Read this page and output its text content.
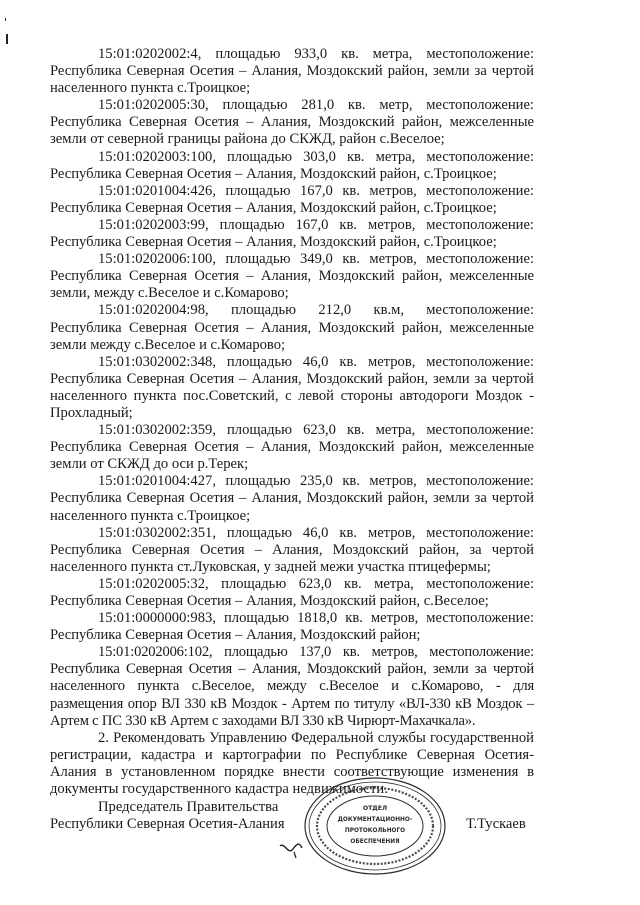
15:01:0202002:4, площадью 933,0 кв. метра, местоположение: Республика Северная Осетия – Алания, Моздокский район, земли за чертой населенного пункта с.Троицкое;

15:01:0202005:30, площадью 281,0 кв. метр, местоположение: Республика Северная Осетия – Алания, Моздокский район, межселенные земли от северной границы района до СКЖД, район с.Веселое;

15:01:0202003:100, площадью 303,0 кв. метра, местоположение: Республика Северная Осетия – Алания, Моздокский район, с.Троицкое;

15:01:0201004:426, площадью 167,0 кв. метров, местоположение: Республика Северная Осетия – Алания, Моздокский район, с.Троицкое;

15:01:0202003:99, площадью 167,0 кв. метров, местоположение: Республика Северная Осетия – Алания, Моздокский район, с.Троицкое;

15:01:0202006:100, площадью 349,0 кв. метров, местоположение: Республика Северная Осетия – Алания, Моздокский район, межселенные земли, между с.Веселое и с.Комарово;

15:01:0202004:98, площадью 212,0 кв.м, местоположение: Республика Северная Осетия – Алания, Моздокский район, межселенные земли между с.Веселое и с.Комарово;

15:01:0302002:348, площадью 46,0 кв. метров, местоположение: Республика Северная Осетия – Алания, Моздокский район, земли за чертой населенного пункта пос.Советский, с левой стороны автодороги Моздок - Прохладный;

15:01:0302002:359, площадью 623,0 кв. метра, местоположение: Республика Северная Осетия – Алания, Моздокский район, межселенные земли от СКЖД до оси р.Терек;

15:01:0201004:427, площадью 235,0 кв. метров, местоположение: Республика Северная Осетия – Алания, Моздокский район, земли за чертой населенного пункта с.Троицкое;

15:01:0302002:351, площадью 46,0 кв. метров, местоположение: Республика Северная Осетия – Алания, Моздокский район, за чертой населенного пункта ст.Луковская, у задней межи участка птицефермы;

15:01:0202005:32, площадью 623,0 кв. метра, местоположение: Республика Северная Осетия – Алания, Моздокский район, с.Веселое;

15:01:0000000:983, площадью 1818,0 кв. метров, местоположение: Республика Северная Осетия – Алания, Моздокский район;

15:01:0202006:102, площадью 137,0 кв. метров, местоположение: Республика Северная Осетия – Алания, Моздокский район, земли за чертой населенного пункта с.Веселое, между с.Веселое и с.Комарово, - для размещения опор ВЛ 330 кВ Моздок - Артем по титулу «ВЛ-330 кВ Моздок – Артем с ПС 330 кВ Артем с заходами ВЛ 330 кВ Чирюрт-Махачкала».

2. Рекомендовать Управлению Федеральной службы государственной регистрации, кадастра и картографии по Республике Северная Осетия-Алания в установленном порядке внести соответствующие изменения в документы государственного кадастра недвижимости.

Председатель Правительства
Республики Северная Осетия-Алания	Т.Тускаев
ОТДЕЛ
ДОКУМЕНТАЦИОННО-
ПРОТОКОЛЬНОГО
ОБЕСПЕЧЕНИЯ
